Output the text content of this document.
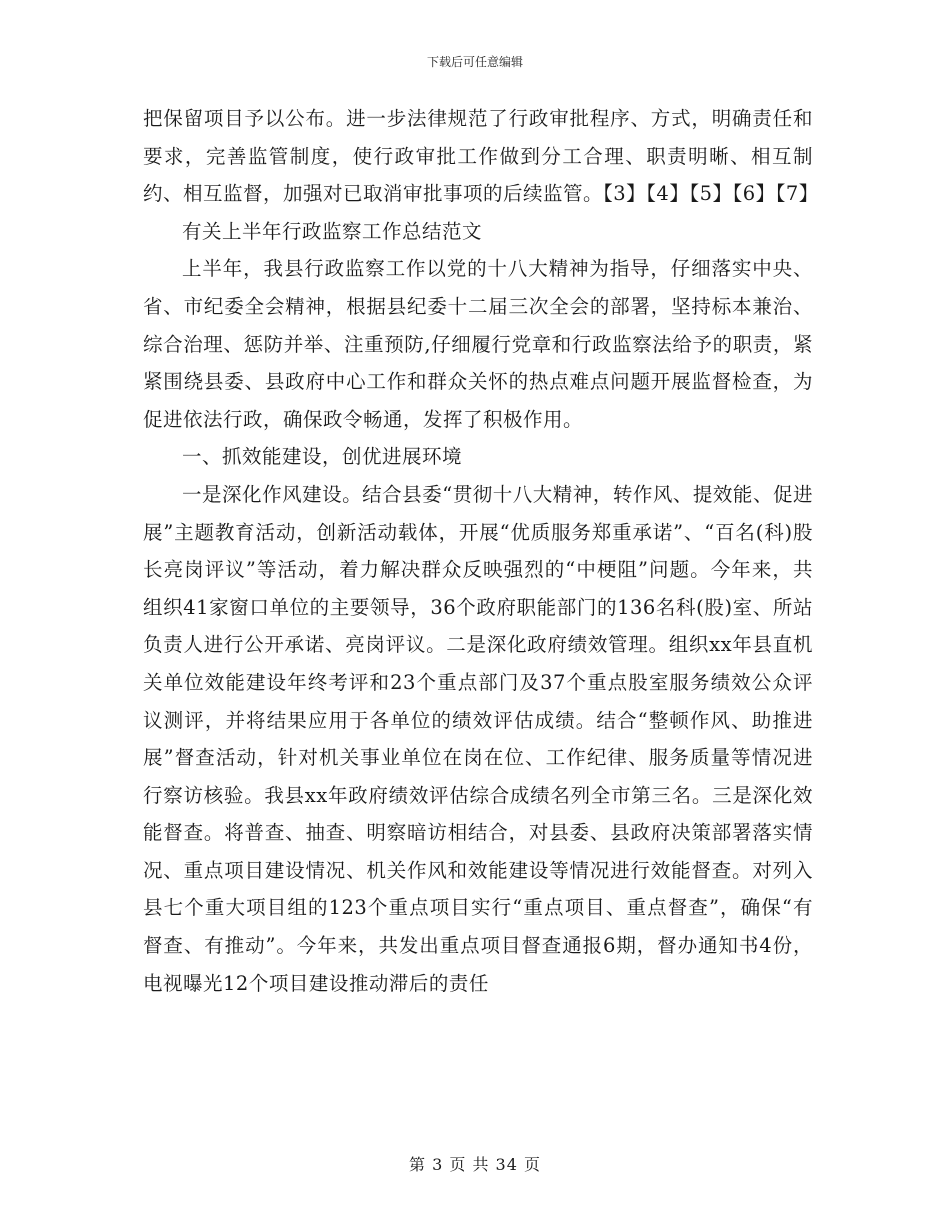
下载后可任意编辑

把保留项目予以公布。进一步法律规范了行政审批程序、方式，明确责任和要求，完善监管制度，使行政审批工作做到分工合理、职责明晰、相互制约、相互监督，加强对已取消审批事项的后续监管。【3】【4】【5】【6】【7】

有关上半年行政监察工作总结范文

上半年，我县行政监察工作以党的十八大精神为指导，仔细落实中央、省、市纪委全会精神，根据县纪委十二届三次全会的部署，坚持标本兼治、综合治理、惩防并举、注重预防,仔细履行党章和行政监察法给予的职责，紧紧围绕县委、县政府中心工作和群众关怀的热点难点问题开展监督检查，为促进依法行政，确保政令畅通，发挥了积极作用。

一、抓效能建设，创优进展环境

一是深化作风建设。结合县委“贯彻十八大精神，转作风、提效能、促进展”主题教育活动，创新活动载体，开展“优质服务郑重承诺”、“百名(科)股长亮岗评议”等活动，着力解决群众反映强烈的“中梗阻”问题。今年来，共组织41家窗口单位的主要领导，36个政府职能部门的136名科(股)室、所站负责人进行公开承诺、亮岗评议。二是深化政府绩效管理。组织xx年县直机关单位效能建设年终考评和23个重点部门及37个重点股室服务绩效公众评议测评，并将结果应用于各单位的绩效评估成绩。结合“整顿作风、助推进展”督查活动，针对机关事业单位在岗在位、工作纪律、服务质量等情况进行察访核验。我县xx年政府绩效评估综合成绩名列全市第三名。三是深化效能督查。将普查、抽查、明察暗访相结合，对县委、县政府决策部署落实情况、重点项目建设情况、机关作风和效能建设等情况进行效能督查。对列入县七个重大项目组的123个重点项目实行“重点项目、重点督查”，确保“有督查、有推动”。今年来，共发出重点项目督查通报6期，督办通知书4份， 电视曝光12个项目建设推动滞后的责任

第 3 页 共 34 页
